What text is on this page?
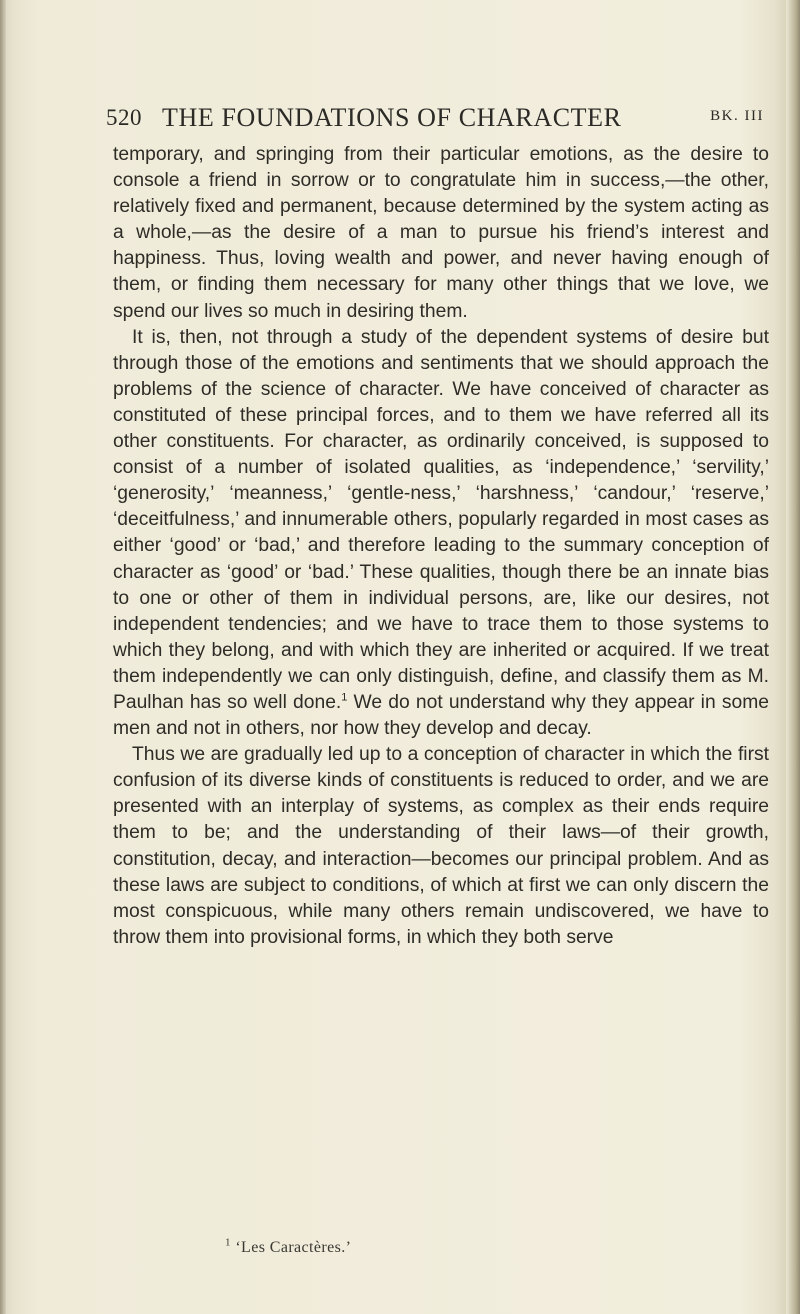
520 THE FOUNDATIONS OF CHARACTER	BK. III

temporary, and springing from their particular emotions, as the desire to console a friend in sorrow or to congratulate him in success,—the other, relatively fixed and permanent, because determined by the system acting as a whole,—as the desire of a man to pursue his friend’s interest and happiness. Thus, loving wealth and power, and never having enough of them, or finding them necessary for many other things that we love, we spend our lives so much in desiring them.

It is, then, not through a study of the dependent systems of desire but through those of the emotions and sentiments that we should approach the problems of the science of character. We have conceived of character as constituted of these principal forces, and to them we have referred all its other constituents. For character, as ordinarily conceived, is supposed to consist of a number of isolated qualities, as ‘independence,’ ‘servility,’ ‘generosity,’ ‘meanness,’ ‘gentle-ness,’ ‘harshness,’ ‘candour,’ ‘reserve,’ ‘deceitfulness,’ and innumerable others, popularly regarded in most cases as either ‘good’ or ‘bad,’ and therefore leading to the summary conception of character as ‘good’ or ‘bad.’ These qualities, though there be an innate bias to one or other of them in individual persons, are, like our desires, not independent tendencies; and we have to trace them to those systems to which they belong, and with which they are inherited or acquired. If we treat them independently we can only distinguish, define, and classify them as M. Paulhan has so well done.$^1$ We do not understand why they appear in some men and not in others, nor how they develop and decay.

Thus we are gradually led up to a conception of character in which the first confusion of its diverse kinds of constituents is reduced to order, and we are presented with an interplay of systems, as complex as their ends require them to be; and the understanding of their laws—of their growth, constitution, decay, and interaction—becomes our principal problem. And as these laws are subject to conditions, of which at first we can only discern the most conspicuous, while many others remain undiscovered, we have to throw them into provisional forms, in which they both serve

$^1$ ‘Les Caractères.’
